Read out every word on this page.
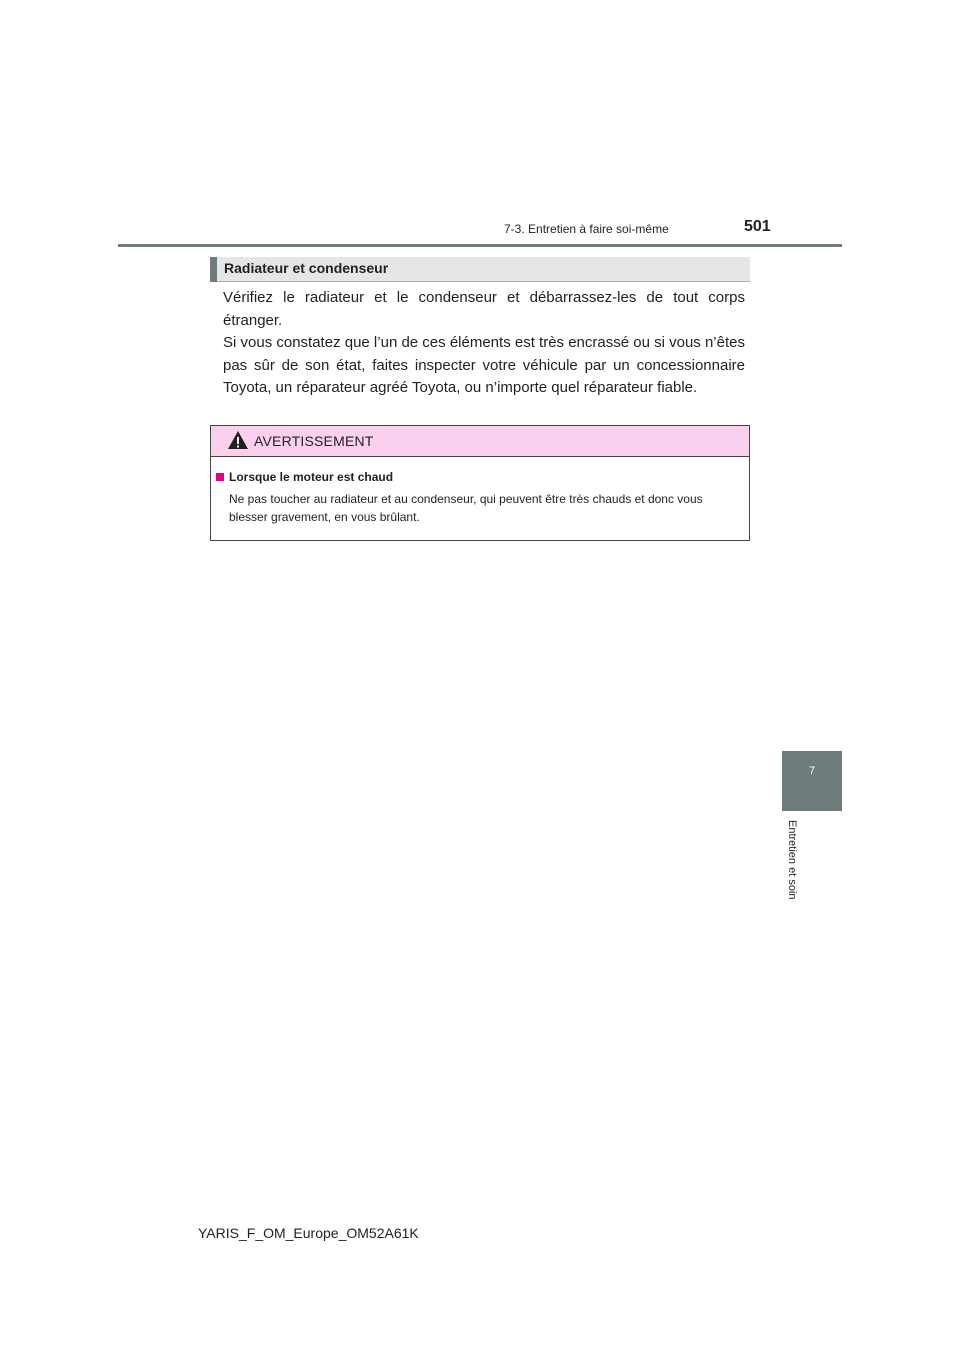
7-3. Entretien à faire soi-même	501
Radiateur et condenseur

Vérifiez le radiateur et le condenseur et débarrassez-les de tout corps étranger.

Si vous constatez que l’un de ces éléments est très encrassé ou si vous n’êtes pas sûr de son état, faites inspecter votre véhicule par un concessionnaire Toyota, un réparateur agréé Toyota, ou n’importe quel réparateur fiable.

AVERTISSEMENT
Lorsque le moteur est chaud
Ne pas toucher au radiateur et au condenseur, qui peuvent être très chauds et donc vous blesser gravement, en vous brûlant.
7
Entretien et soin
YARIS_F_OM_Europe_OM52A61K
